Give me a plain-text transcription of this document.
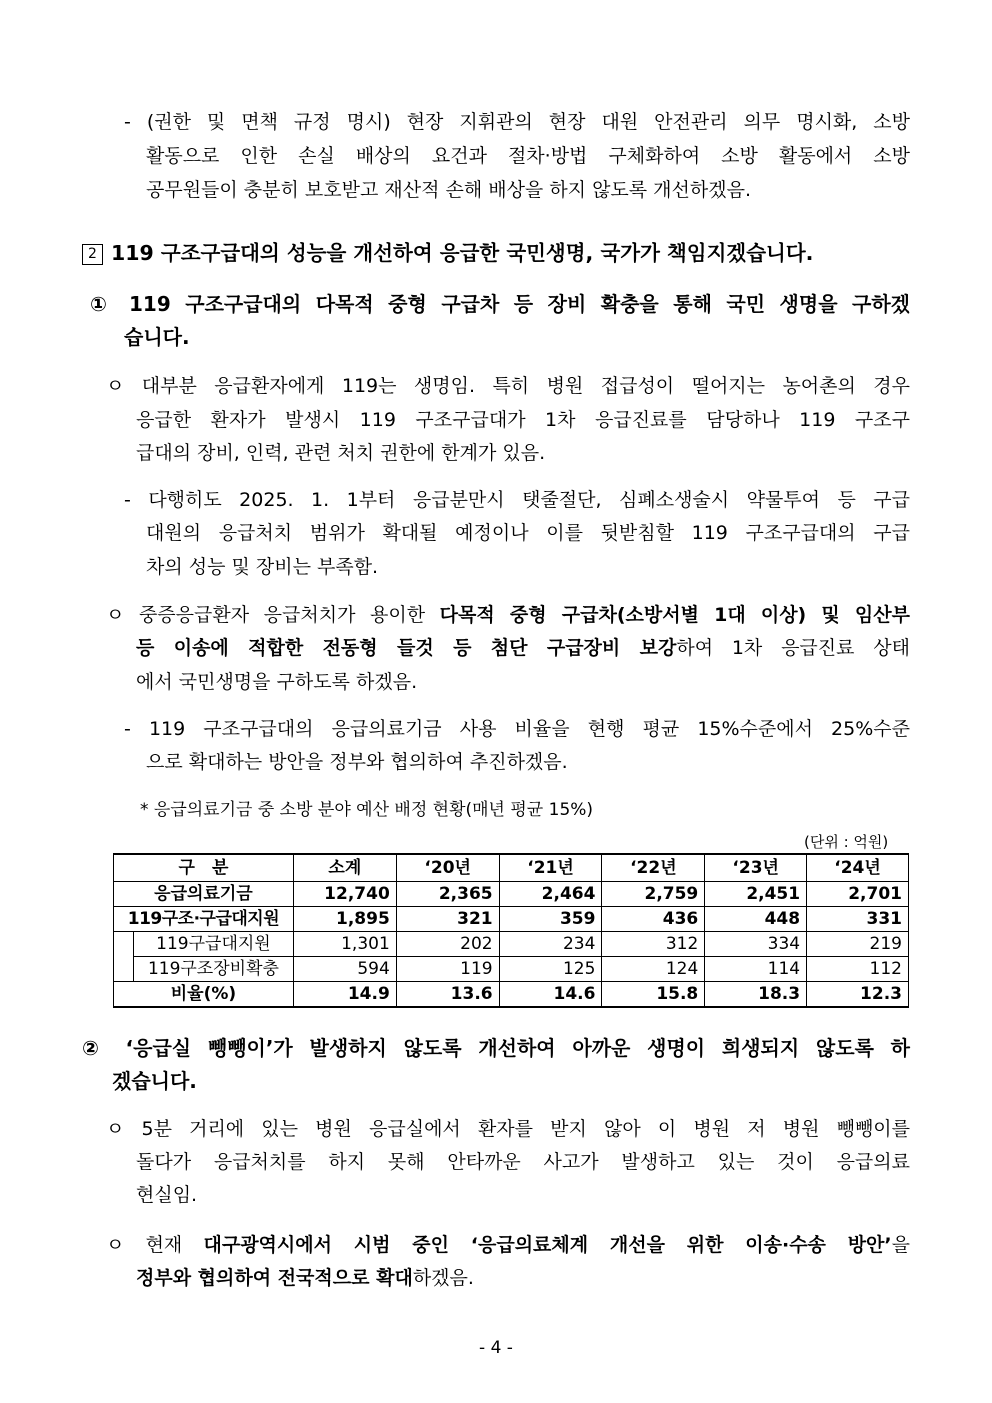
- (권한 및 면책 규정 명시) 현장 지휘관의 현장 대원 안전관리 의무 명시화, 소방
활동으로 인한 손실 배상의 요건과 절차·방법 구체화하여 소방 활동에서 소방
공무원들이 충분히 보호받고 재산적 손해 배상을 하지 않도록 개선하겠음.
2 119 구조구급대의 성능을 개선하여 응급한 국민생명, 국가가 책임지겠습니다.
① 119 구조구급대의 다목적 중형 구급차 등 장비 확충을 통해 국민 생명을 구하겠
습니다.
ㅇ 대부분 응급환자에게 119는 생명임. 특히 병원 접급성이 떨어지는 농어촌의 경우
응급한 환자가 발생시 119 구조구급대가 1차 응급진료를 담당하나 119 구조구
급대의 장비, 인력, 관련 처치 권한에 한계가 있음.
- 다행히도 2025. 1. 1부터 응급분만시 탯줄절단, 심폐소생술시 약물투여 등 구급
대원의 응급처치 범위가 확대될 예정이나 이를 뒷받침할 119 구조구급대의 구급
차의 성능 및 장비는 부족함.
ㅇ 중증응급환자 응급처치가 용이한 다목적 중형 구급차(소방서별 1대 이상) 및 임산부
등 이송에 적합한 전동형 들것 등 첨단 구급장비 보강하여 1차 응급진료 상태
에서 국민생명을 구하도록 하겠음.
- 119 구조구급대의 응급의료기금 사용 비율을 현행 평균 15%수준에서 25%수준
으로 확대하는 방안을 정부와 협의하여 추진하겠음.
* 응급의료기금 중 소방 분야 예산 배정 현황(매년 평균 15%)
(단위 : 억원)
구　분		소계	‘20년	‘21년	‘22년	‘23년	‘24년
응급의료기금		12,740	2,365	2,464	2,759	2,451	2,701
119구조·구급대지원		1,895	321	359	436	448	331
	119구급대지원	1,301	202	234	312	334	219
	119구조장비확충	594	119	125	124	114	112
비율(%)		14.9	13.6	14.6	15.8	18.3	12.3
② ‘응급실 뺑뺑이’가 발생하지 않도록 개선하여 아까운 생명이 희생되지 않도록 하
겠습니다.
ㅇ 5분 거리에 있는 병원 응급실에서 환자를 받지 않아 이 병원 저 병원 뺑뺑이를
돌다가 응급처치를 하지 못해 안타까운 사고가 발생하고 있는 것이 응급의료
현실임.
ㅇ 현재 대구광역시에서 시범 중인 ‘응급의료체계 개선을 위한 이송·수송 방안’을
정부와 협의하여 전국적으로 확대하겠음.
- 4 -
